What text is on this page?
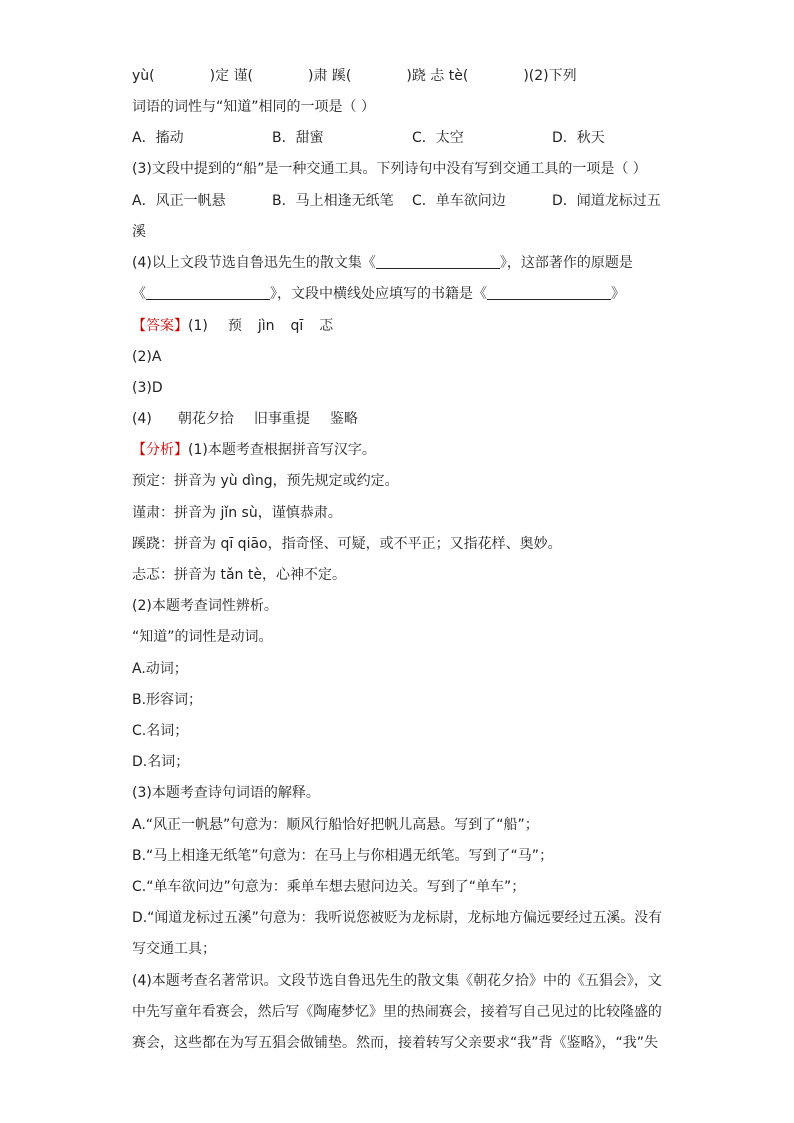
yù(	)定 谨(	)肃 蹊(	)跷 忐 tè(	)(2)下列
词语的词性与“知道”相同的一项是（ ）
A．搐动	B．甜蜜	C．太空	D．秋天
(3)文段中提到的“船”是一种交通工具。下列诗句中没有写到交通工具的一项是（ ）
A．风正一帆悬	B．马上相逢无纸笔 C．单车欲问边	D．闻道龙标过五
溪
(4)以上文段节选自鲁迅先生的散文集《	》，这部著作的原题是
《	》，文段中横线处应填写的书籍是《	》
【答案】(1) 预 jìn qī 忑
(2)A
(3)D
(4) 朝花夕拾 旧事重提 鉴略
【分析】(1)本题考查根据拼音写汉字。
预定：拼音为 yù dìng，预先规定或约定。
谨肃：拼音为 jǐn sù，谨慎恭肃。
蹊跷：拼音为 qī qiāo，指奇怪、可疑，或不平正；又指花样、奥妙。
忐忑：拼音为 tǎn tè，心神不定。
(2)本题考查词性辨析。
“知道”的词性是动词。
A.动词；
B.形容词；
C.名词；
D.名词；
(3)本题考查诗句词语的解释。
A.“风正一帆悬”句意为：顺风行船恰好把帆儿高悬。写到了“船”；
B.“马上相逢无纸笔”句意为：在马上与你相遇无纸笔。写到了“马”；
C.“单车欲问边”句意为：乘单车想去慰问边关。写到了“单车”；
D.“闻道龙标过五溪”句意为：我听说您被贬为龙标尉，龙标地方偏远要经过五溪。没有
写交通工具；
(4)本题考查名著常识。文段节选自鲁迅先生的散文集《朝花夕拾》中的《五猖会》，文
中先写童年看赛会，然后写《陶庵梦忆》里的热闹赛会，接着写自己见过的比较隆盛的
赛会，这些都在为写五猖会做铺垫。然而，接着转写父亲要求“我”背《鉴略》，“我”失
